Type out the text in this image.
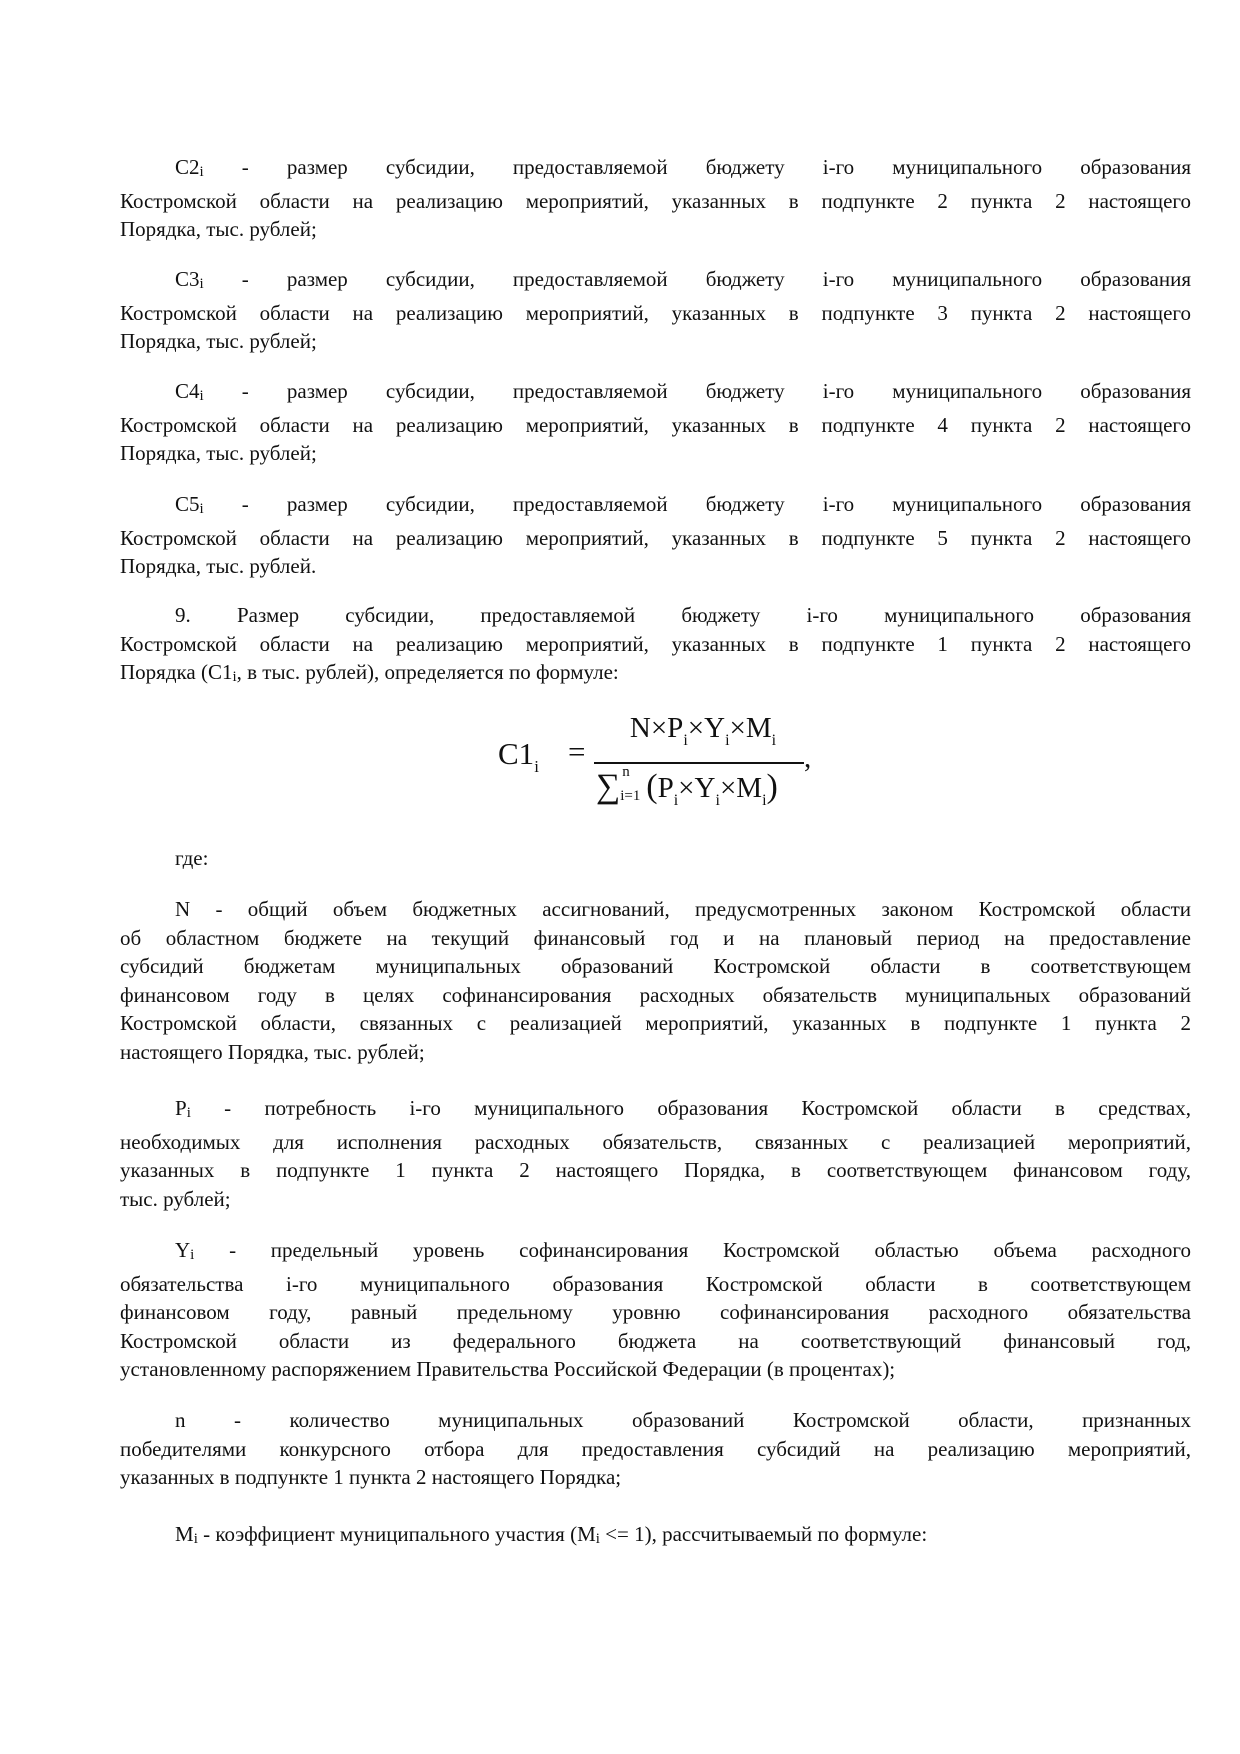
C2i - размер субсидии, предоставляемой бюджету i-го муниципального образования
Костромской области на реализацию мероприятий, указанных в подпункте 2 пункта 2 настоящего
Порядка, тыс. рублей;
C3i - размер субсидии, предоставляемой бюджету i-го муниципального образования
Костромской области на реализацию мероприятий, указанных в подпункте 3 пункта 2 настоящего
Порядка, тыс. рублей;
C4i - размер субсидии, предоставляемой бюджету i-го муниципального образования
Костромской области на реализацию мероприятий, указанных в подпункте 4 пункта 2 настоящего
Порядка, тыс. рублей;
C5i - размер субсидии, предоставляемой бюджету i-го муниципального образования
Костромской области на реализацию мероприятий, указанных в подпункте 5 пункта 2 настоящего
Порядка, тыс. рублей.
9. Размер субсидии, предоставляемой бюджету i-го муниципального образования
Костромской области на реализацию мероприятий, указанных в подпункте 1 пункта 2 настоящего
Порядка (C1i, в тыс. рублей), определяется по формуле:
где:
N - общий объем бюджетных ассигнований, предусмотренных законом Костромской области
об областном бюджете на текущий финансовый год и на плановый период на предоставление
субсидий бюджетам муниципальных образований Костромской области в соответствующем
финансовом году в целях софинансирования расходных обязательств муниципальных образований
Костромской области, связанных с реализацией мероприятий, указанных в подпункте 1 пункта 2
настоящего Порядка, тыс. рублей;
Pi - потребность i-го муниципального образования Костромской области в средствах,
необходимых для исполнения расходных обязательств, связанных с реализацией мероприятий,
указанных в подпункте 1 пункта 2 настоящего Порядка, в соответствующем финансовом году,
тыс. рублей;
Yi - предельный уровень софинансирования Костромской областью объема расходного
обязательства i-го муниципального образования Костромской области в соответствующем
финансовом году, равный предельному уровню софинансирования расходного обязательства
Костромской области из федерального бюджета на соответствующий финансовый год,
установленному распоряжением Правительства Российской Федерации (в процентах);
n - количество муниципальных образований Костромской области, признанных
победителями конкурсного отбора для предоставления субсидий на реализацию мероприятий,
указанных в подпункте 1 пункта 2 настоящего Порядка;
Mi - коэффициент муниципального участия (Mi <= 1), рассчитываемый по формуле:
$C1_i$ =
$N\times P_i\times Y_i\times M_i$
∑ n
i=1 $(P_i\times Y_i\times M_i)$
,
